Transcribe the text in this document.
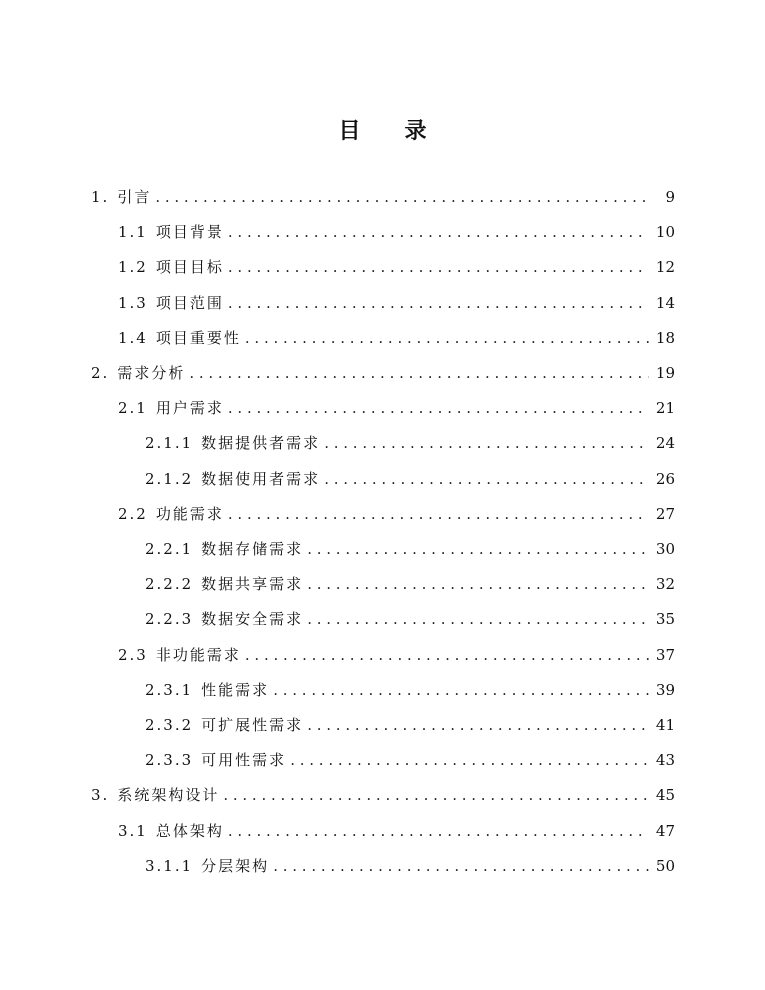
目 录
1. 引言 . . .	9
1.1 项目背景 . . .	10
1.2 项目目标 . . .	12
1.3 项目范围 . . .	14
1.4 项目重要性 . . .	18
2. 需求分析 . . .	19
2.1 用户需求 . . .	21
2.1.1 数据提供者需求 . . .	24
2.1.2 数据使用者需求 . . .	26
2.2 功能需求 . . .	27
2.2.1 数据存储需求 . . .	30
2.2.2 数据共享需求 . . .	32
2.2.3 数据安全需求 . . .	35
2.3 非功能需求 . . .	37
2.3.1 性能需求 . . .	39
2.3.2 可扩展性需求 . . .	41
2.3.3 可用性需求 . . .	43
3. 系统架构设计 . . .	45
3.1 总体架构 . . .	47
3.1.1 分层架构 . . .	50
